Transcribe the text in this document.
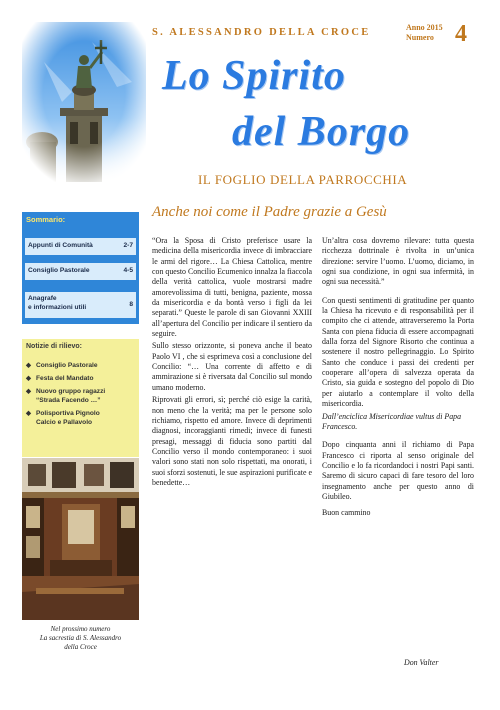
S. ALESSANDRO DELLA CROCE	Anno 2015
Numero 4
Lo Spirito
del Borgo
IL FOGLIO DELLA PARROCCHIA
Sommario:
Appunti di Comunità	2-7
Consiglio Pastorale	4-5
Anagrafe
e informazioni utili	8
Notizie di rilievo:
◆ Consiglio Pastorale
◆ Festa del Mandato
◆ Nuovo gruppo ragazzi
“Strada Facendo …”
◆ Polisportiva Pignolo
Calcio e Pallavolo
Nel prossimo numero
La sacrestia di S. Alessandro
della Croce
Anche noi come il Padre grazie a Gesù

“Ora la Sposa di Cristo preferisce usare la medicina della misericordia invece di imbracciare le armi del rigore… La Chiesa Cattolica, mentre con questo Concilio Ecumenico innalza la fiaccola della verità cattolica, vuole mostrarsi madre amorevolissima di tutti, benigna, paziente, mossa da misericordia e da bontà verso i figli da lei separati.” Queste le parole di san Giovanni XXIII all’apertura del Concilio per indicare il sentiero da seguire.

Sullo stesso orizzonte, si poneva anche il beato Paolo VI , che si esprimeva così a conclusione del Concilio: “… Una corrente di affetto e di ammirazione si è riversata dal Concilio sul mondo umano moderno.

Riprovati gli errori, sì; perché ciò esige la carità, non meno che la verità; ma per le persone solo richiamo, rispetto ed amore. Invece di deprimenti diagnosi, incoraggianti rimedi; invece di funesti presagi, messaggi di fiducia sono partiti dal Concilio verso il mondo contemporaneo: i suoi valori sono stati non solo rispettati, ma onorati, i suoi sforzi sostenuti, le sue aspirazioni purificate e benedette…

Un’altra cosa dovremo rilevare: tutta questa ricchezza dottrinale è rivolta in un’unica direzione: servire l’uomo. L’uomo, diciamo, in ogni sua condizione, in ogni sua infermità, in ogni sua necessità.”

Con questi sentimenti di gratitudine per quanto la Chiesa ha ricevuto e di responsabilità per il compito che ci attende, attraverseremo la Porta Santa con piena fiducia di essere accompagnati dalla forza del Signore Risorto che continua a sostenere il nostro pellegrinaggio. Lo Spirito Santo che conduce i passi dei credenti per cooperare all’opera di salvezza operata da Cristo, sia guida e sostegno del popolo di Dio per aiutarlo a contemplare il volto della misericordia.

Dall’enciclica Misericordiae vultus di Papa Francesco.

Dopo cinquanta anni il richiamo di Papa Francesco ci riporta al senso originale del Concilio e lo fa ricordandoci i nostri Papi santi. Saremo di sicuro capaci di fare tesoro del loro insegnamento anche per questo anno di Giubileo.

Buon cammino

Don Valter
